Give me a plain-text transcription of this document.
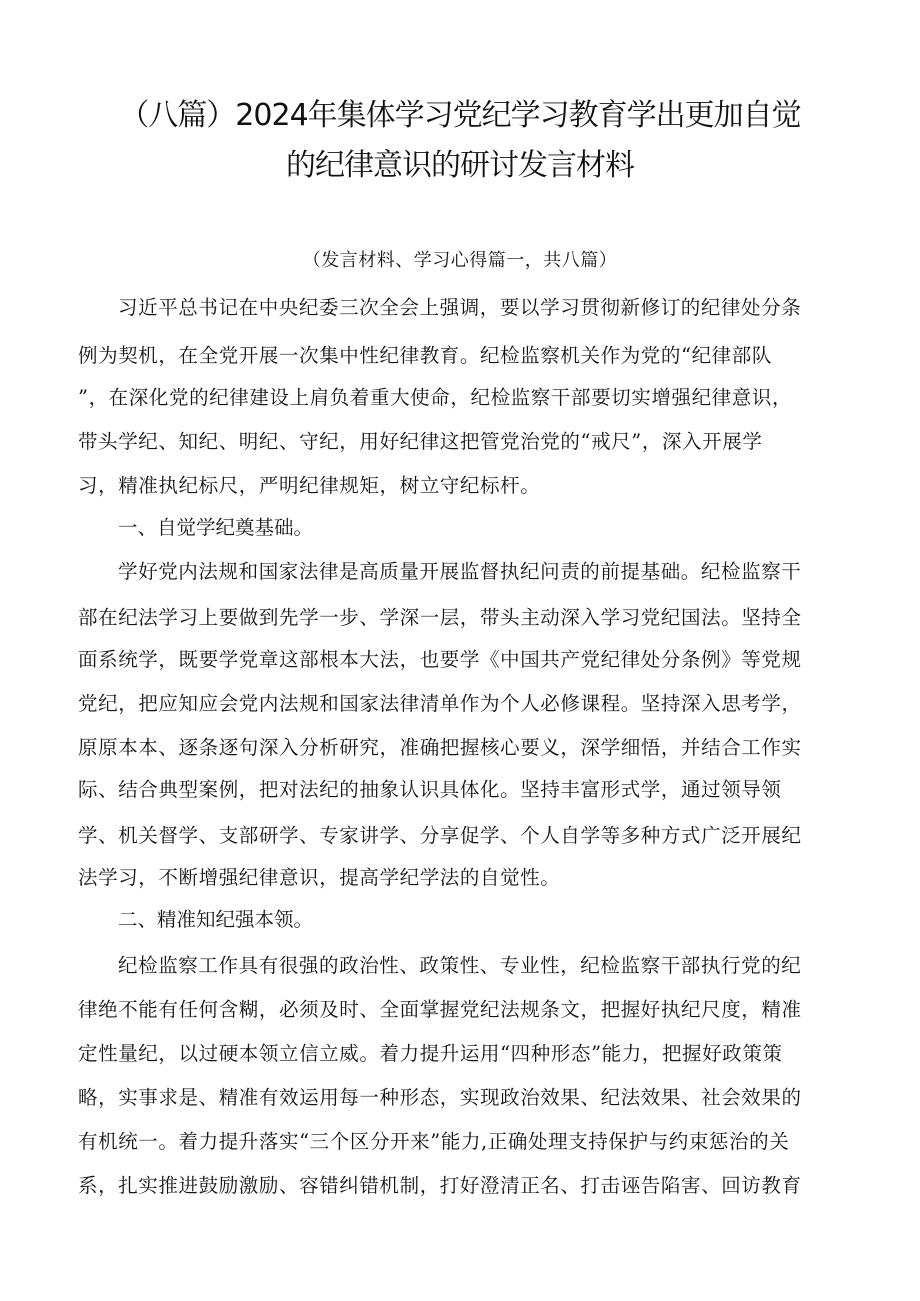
（八篇）2024年集体学习党纪学习教育学出更加自觉
的纪律意识的研讨发言材料
（发言材料、学习心得篇一，共八篇）
习近平总书记在中央纪委三次全会上强调，要以学习贯彻新修订的纪律处分条
例为契机，在全党开展一次集中性纪律教育。纪检监察机关作为党的“纪律部队
”，在深化党的纪律建设上肩负着重大使命，纪检监察干部要切实增强纪律意识，
带头学纪、知纪、明纪、守纪，用好纪律这把管党治党的“戒尺”，深入开展学
习，精准执纪标尺，严明纪律规矩，树立守纪标杆。
一、自觉学纪奠基础。
学好党内法规和国家法律是高质量开展监督执纪问责的前提基础。纪检监察干
部在纪法学习上要做到先学一步、学深一层，带头主动深入学习党纪国法。坚持全
面系统学，既要学党章这部根本大法，也要学《中国共产党纪律处分条例》等党规
党纪，把应知应会党内法规和国家法律清单作为个人必修课程。坚持深入思考学，
原原本本、逐条逐句深入分析研究，准确把握核心要义，深学细悟，并结合工作实
际、结合典型案例，把对法纪的抽象认识具体化。坚持丰富形式学，通过领导领
学、机关督学、支部研学、专家讲学、分享促学、个人自学等多种方式广泛开展纪
法学习，不断增强纪律意识，提高学纪学法的自觉性。
二、精准知纪强本领。
纪检监察工作具有很强的政治性、政策性、专业性，纪检监察干部执行党的纪
律绝不能有任何含糊，必须及时、全面掌握党纪法规条文，把握好执纪尺度，精准
定性量纪，以过硬本领立信立威。着力提升运用“四种形态”能力，把握好政策策
略，实事求是、精准有效运用每一种形态，实现政治效果、纪法效果、社会效果的
有机统一。着力提升落实“三个区分开来”能力,正确处理支持保护与约束惩治的关
系，扎实推进鼓励激励、容错纠错机制，打好澄清正名、打击诬告陷害、回访教育
